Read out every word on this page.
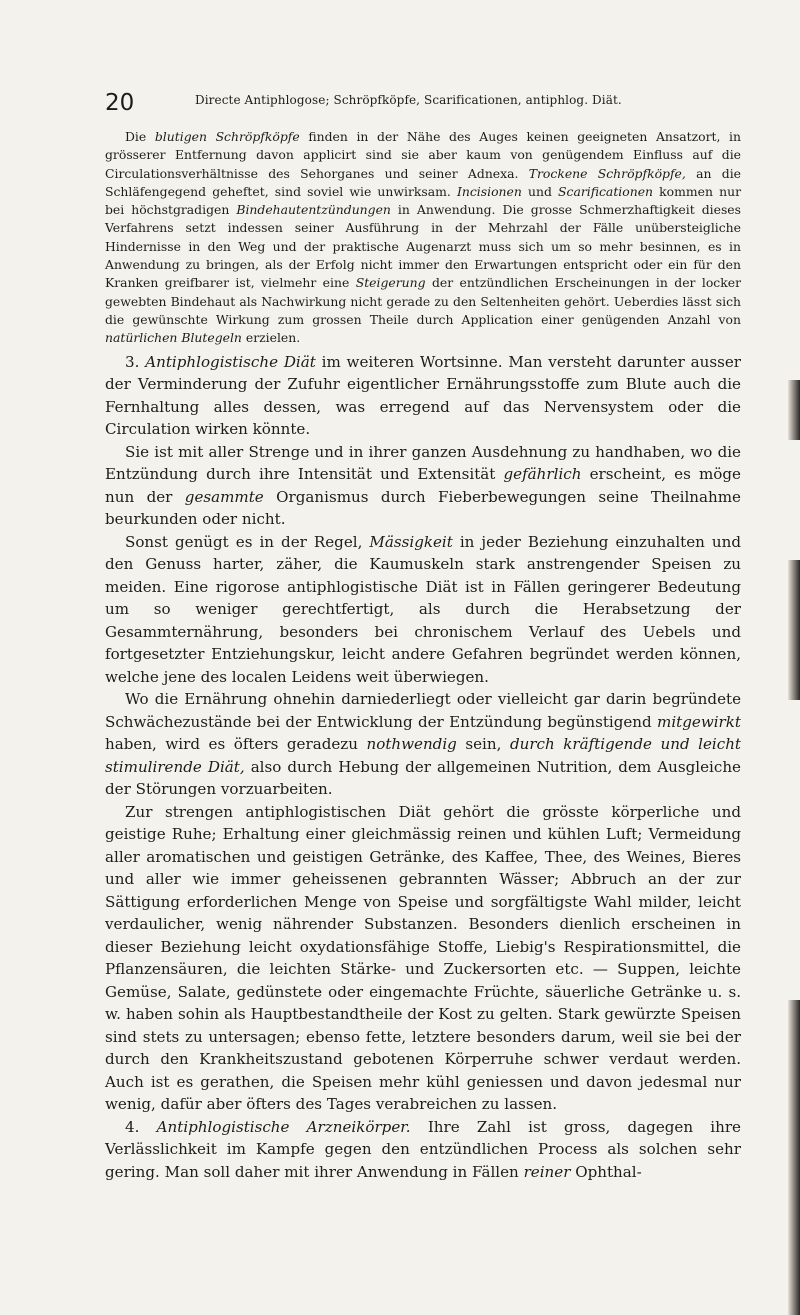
20	Directe Antiphlogose; Schröpfköpfe, Scarificationen, antiphlog. Diät.

Die blutigen Schröpfköpfe finden in der Nähe des Auges keinen geeigneten Ansatzort, in grösserer Entfernung davon applicirt sind sie aber kaum von genügendem Einfluss auf die Circulationsverhältnisse des Sehorganes und seiner Adnexa. Trockene Schröpfköpfe, an die Schläfengegend geheftet, sind soviel wie unwirksam. Incisionen und Scarificationen kommen nur bei höchstgradigen Bindehautentzündungen in Anwendung. Die grosse Schmerzhaftigkeit dieses Verfahrens setzt indessen seiner Ausführung in der Mehrzahl der Fälle unübersteigliche Hindernisse in den Weg und der praktische Augenarzt muss sich um so mehr besinnen, es in Anwendung zu bringen, als der Erfolg nicht immer den Erwartungen entspricht oder ein für den Kranken greifbarer ist, vielmehr eine Steigerung der entzündlichen Erscheinungen in der locker gewebten Bindehaut als Nachwirkung nicht gerade zu den Seltenheiten gehört. Ueberdies lässt sich die gewünschte Wirkung zum grossen Theile durch Application einer genügenden Anzahl von natürlichen Blutegeln erzielen.

3. Antiphlogistische Diät im weiteren Wortsinne. Man versteht darunter ausser der Verminderung der Zufuhr eigentlicher Ernährungsstoffe zum Blute auch die Fernhaltung alles dessen, was erregend auf das Nervensystem oder die Circulation wirken könnte.

Sie ist mit aller Strenge und in ihrer ganzen Ausdehnung zu handhaben, wo die Entzündung durch ihre Intensität und Extensität gefährlich erscheint, es möge nun der gesammte Organismus durch Fieberbewegungen seine Theilnahme beurkunden oder nicht.

Sonst genügt es in der Regel, Mässigkeit in jeder Beziehung einzuhalten und den Genuss harter, zäher, die Kaumuskeln stark anstrengender Speisen zu meiden. Eine rigorose antiphlogistische Diät ist in Fällen geringerer Bedeutung um so weniger gerechtfertigt, als durch die Herabsetzung der Gesammternährung, besonders bei chronischem Verlauf des Uebels und fortgesetzter Entziehungskur, leicht andere Gefahren begründet werden können, welche jene des localen Leidens weit überwiegen.

Wo die Ernährung ohnehin darniederliegt oder vielleicht gar darin begründete Schwächezustände bei der Entwicklung der Entzündung begünstigend mitgewirkt haben, wird es öfters geradezu nothwendig sein, durch kräftigende und leicht stimulirende Diät, also durch Hebung der allgemeinen Nutrition, dem Ausgleiche der Störungen vorzuarbeiten.

Zur strengen antiphlogistischen Diät gehört die grösste körperliche und geistige Ruhe; Erhaltung einer gleichmässig reinen und kühlen Luft; Vermeidung aller aromatischen und geistigen Getränke, des Kaffee, Thee, des Weines, Bieres und aller wie immer geheissenen gebrannten Wässer; Abbruch an der zur Sättigung erforderlichen Menge von Speise und sorgfältigste Wahl milder, leicht verdaulicher, wenig nährender Substanzen. Besonders dienlich erscheinen in dieser Beziehung leicht oxydationsfähige Stoffe, Liebig's Respirationsmittel, die Pflanzensäuren, die leichten Stärke- und Zuckersorten etc. — Suppen, leichte Gemüse, Salate, gedünstete oder eingemachte Früchte, säuerliche Getränke u. s. w. haben sohin als Hauptbestandtheile der Kost zu gelten. Stark gewürzte Speisen sind stets zu untersagen; ebenso fette, letztere besonders darum, weil sie bei der durch den Krankheitszustand gebotenen Körperruhe schwer verdaut werden. Auch ist es gerathen, die Speisen mehr kühl geniessen und davon jedesmal nur wenig, dafür aber öfters des Tages verabreichen zu lassen.

4. Antiphlogistische Arzneikörper. Ihre Zahl ist gross, dagegen ihre Verlässlichkeit im Kampfe gegen den entzündlichen Process als solchen sehr gering. Man soll daher mit ihrer Anwendung in Fällen reiner Ophthal-
